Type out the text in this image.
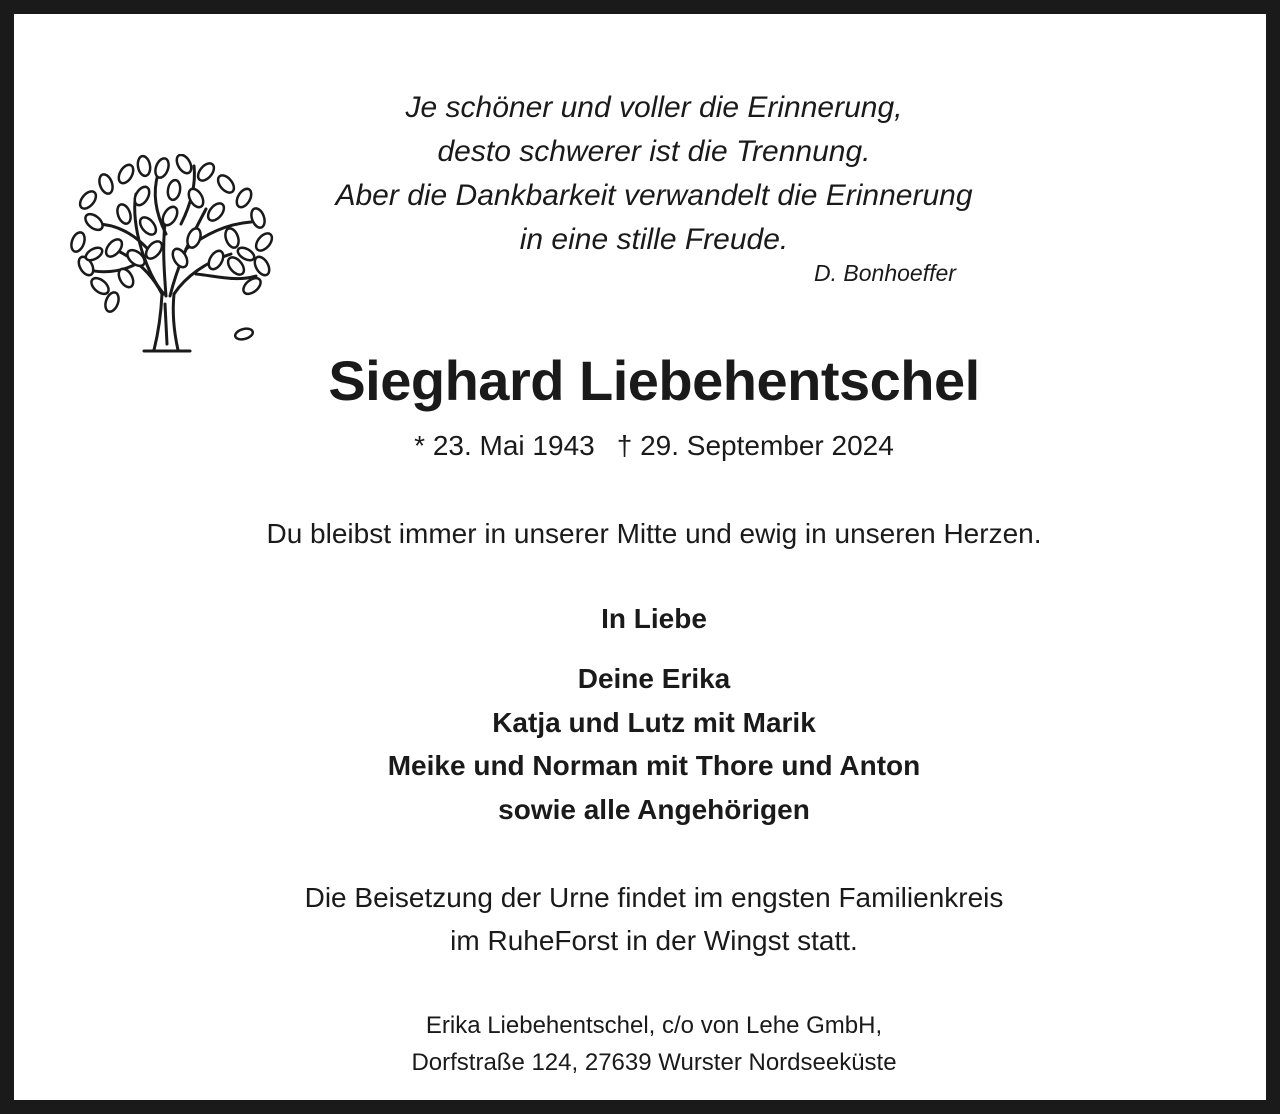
Je schöner und voller die Erinnerung,
desto schwerer ist die Trennung.
Aber die Dankbarkeit verwandelt die Erinnerung
in eine stille Freude.
D. Bonhoeffer
Sieghard Liebehentschel
* 23. Mai 1943 † 29. September 2024
Du bleibst immer in unserer Mitte und ewig in unseren Herzen.
In Liebe
Deine Erika
Katja und Lutz mit Marik
Meike und Norman mit Thore und Anton
sowie alle Angehörigen
Die Beisetzung der Urne findet im engsten Familienkreis
im RuheForst in der Wingst statt.
Erika Liebehentschel, c/o von Lehe GmbH,
Dorfstraße 124, 27639 Wurster Nordseeküste
